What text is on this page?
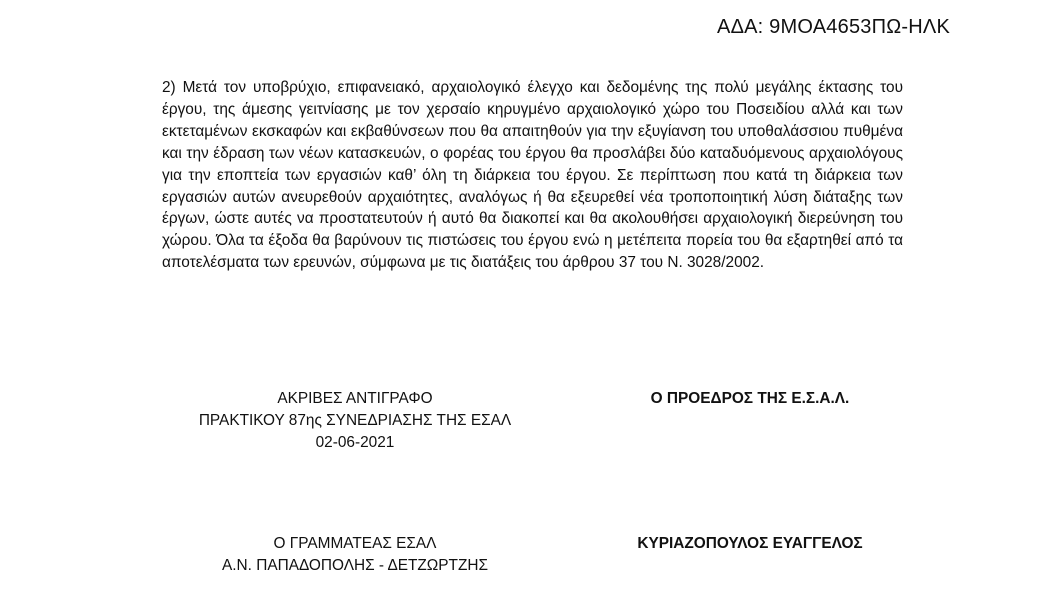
ΑΔΑ: 9ΜΟΑ4653ΠΩ-ΗΛΚ

2) Μετά τον υποβρύχιο, επιφανειακό, αρχαιολογικό έλεγχο και δεδομένης της πολύ μεγάλης έκτασης του έργου, της άμεσης γειτνίασης με τον χερσαίο κηρυγμένο αρχαιολογικό χώρο του Ποσειδίου αλλά και των εκτεταμένων εκσκαφών και εκβαθύνσεων που θα απαιτηθούν για την εξυγίανση του υποθαλάσσιου πυθμένα και την έδραση των νέων κατασκευών, ο φορέας του έργου θα προσλάβει δύο καταδυόμενους αρχαιολόγους για την εποπτεία των εργασιών καθ’ όλη τη διάρκεια του έργου. Σε περίπτωση που κατά τη διάρκεια των εργασιών αυτών ανευρεθούν αρχαιότητες, αναλόγως ή θα εξευρεθεί νέα τροποποιητική λύση διάταξης των έργων, ώστε αυτές να προστατευτούν ή αυτό θα διακοπεί και θα ακολουθήσει αρχαιολογική διερεύνηση του χώρου. Όλα τα έξοδα θα βαρύνουν τις πιστώσεις του έργου ενώ η μετέπειτα πορεία του θα εξαρτηθεί από τα αποτελέσματα των ερευνών, σύμφωνα με τις διατάξεις του άρθρου 37 του Ν. 3028/2002.

ΑΚΡΙΒΕΣ ΑΝΤΙΓΡΑΦΟ
ΠΡΑΚΤΙΚΟΥ 87ης ΣΥΝΕΔΡΙΑΣΗΣ ΤΗΣ ΕΣΑΛ
02-06-2021
Ο ΠΡΟΕΔΡΟΣ ΤΗΣ Ε.Σ.Α.Λ.
Ο ΓΡΑΜΜΑΤΕΑΣ ΕΣΑΛ
Α.Ν. ΠΑΠΑΔΟΠΟΛΗΣ - ΔΕΤΖΩΡΤΖΗΣ
ΚΥΡΙΑΖΟΠΟΥΛΟΣ ΕΥΑΓΓΕΛΟΣ
